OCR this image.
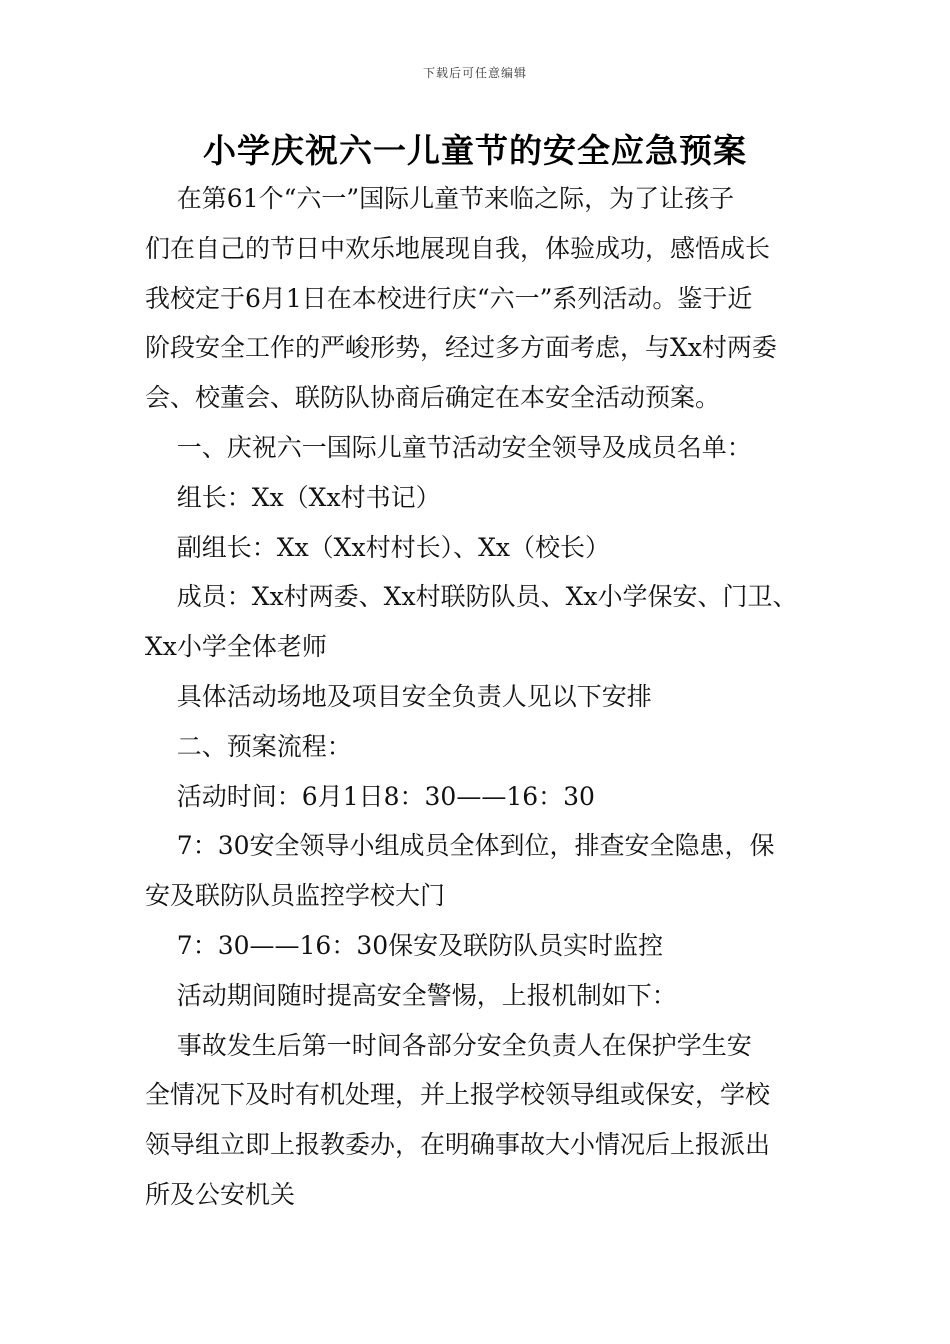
下载后可任意编辑
小学庆祝六一儿童节的安全应急预案

在第61个“六一”国际儿童节来临之际，为了让孩子

们在自己的节日中欢乐地展现自我，体验成功，感悟成长

我校定于6月1日在本校进行庆“六一”系列活动。鉴于近

阶段安全工作的严峻形势，经过多方面考虑，与Xx村两委

会、校董会、联防队协商后确定在本安全活动预案。

一、庆祝六一国际儿童节活动安全领导及成员名单：

组长：Xx（Xx村书记）

副组长：Xx（Xx村村长）、Xx（校长）

成员：Xx村两委、Xx村联防队员、Xx小学保安、门卫、

Xx小学全体老师

具体活动场地及项目安全负责人见以下安排

二、预案流程：

活动时间：6月1日8：30——16：30

7：30安全领导小组成员全体到位，排查安全隐患，保

安及联防队员监控学校大门

7：30——16：30保安及联防队员实时监控

活动期间随时提高安全警惕，上报机制如下：

事故发生后第一时间各部分安全负责人在保护学生安

全情况下及时有机处理，并上报学校领导组或保安，学校

领导组立即上报教委办，在明确事故大小情况后上报派出

所及公安机关
